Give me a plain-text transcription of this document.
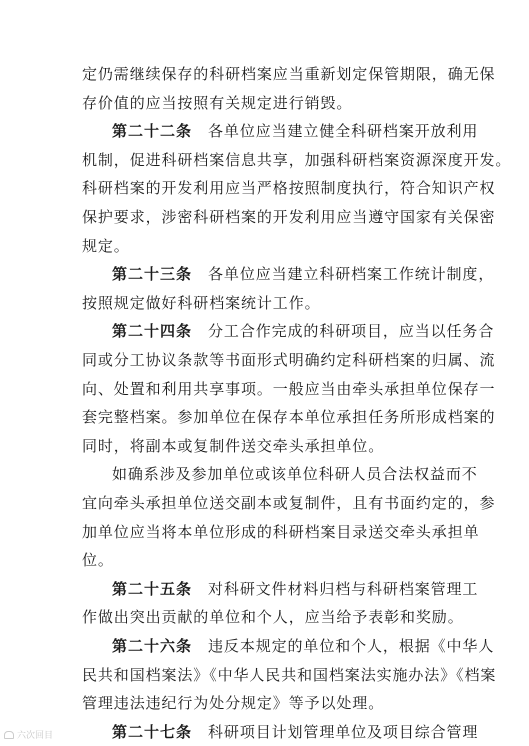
定仍需继续保存的科研档案应当重新划定保管期限，确无保
存价值的应当按照有关规定进行销毁。
第二十二条 各单位应当建立健全科研档案开放利用
机制，促进科研档案信息共享，加强科研档案资源深度开发。
科研档案的开发利用应当严格按照制度执行，符合知识产权
保护要求，涉密科研档案的开发利用应当遵守国家有关保密
规定。
第二十三条 各单位应当建立科研档案工作统计制度，
按照规定做好科研档案统计工作。
第二十四条 分工合作完成的科研项目，应当以任务合
同或分工协议条款等书面形式明确约定科研档案的归属、流
向、处置和利用共享事项。一般应当由牵头承担单位保存一
套完整档案。参加单位在保存本单位承担任务所形成档案的
同时，将副本或复制件送交牵头承担单位。
如确系涉及参加单位或该单位科研人员合法权益而不
宜向牵头承担单位送交副本或复制件，且有书面约定的，参
加单位应当将本单位形成的科研档案目录送交牵头承担单
位。
第二十五条 对科研文件材料归档与科研档案管理工
作做出突出贡献的单位和个人，应当给予表彰和奖励。
第二十六条 违反本规定的单位和个人，根据《中华人
民共和国档案法》《中华人民共和国档案法实施办法》《档案
管理违法违纪行为处分规定》等予以处理。
第二十七条 科研项目计划管理单位及项目综合管理
六次回目
